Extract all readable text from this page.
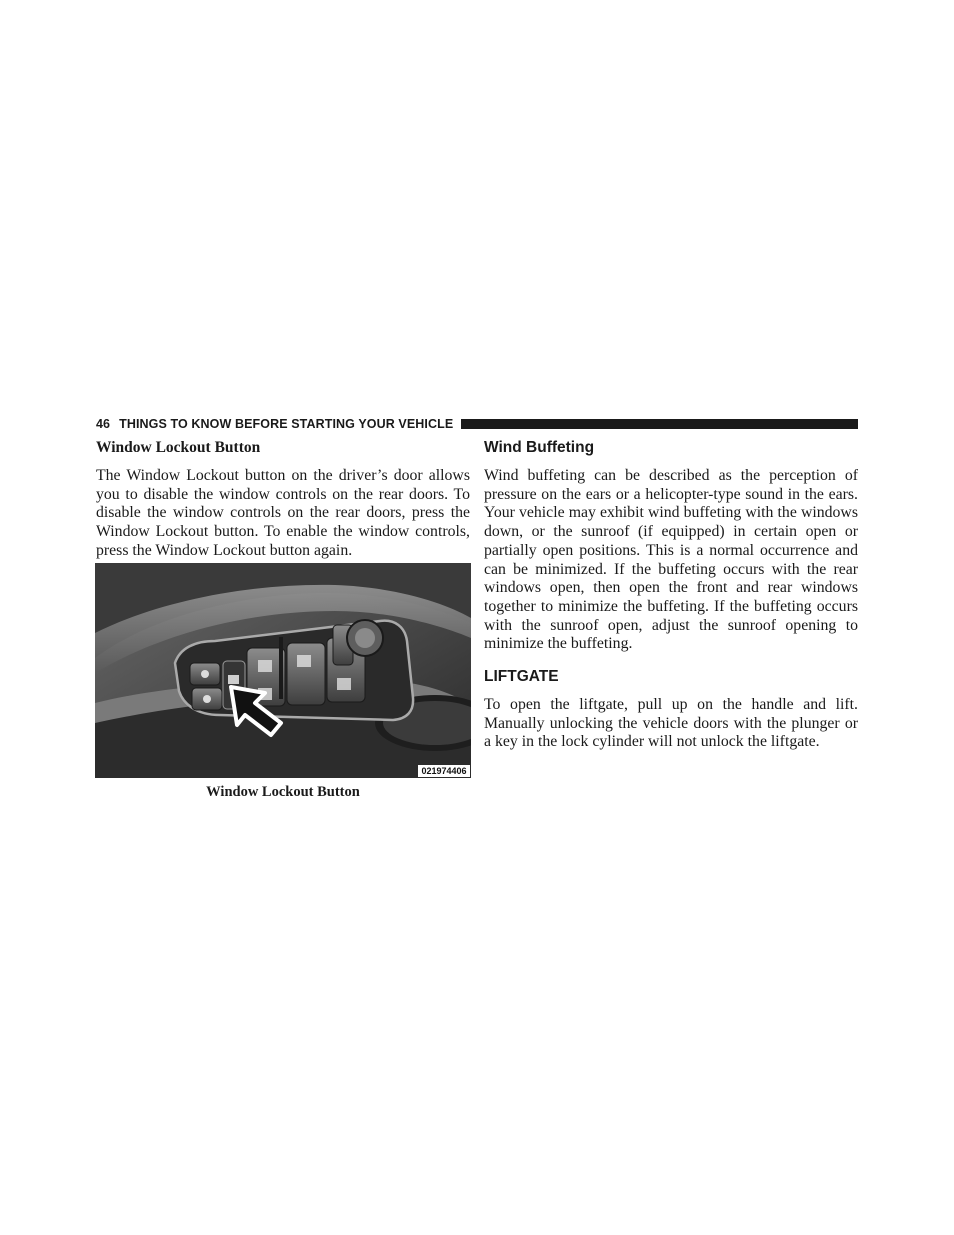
46 THINGS TO KNOW BEFORE STARTING YOUR VEHICLE
Window Lockout Button

The Window Lockout button on the driver’s door allows you to disable the window controls on the rear doors. To disable the window controls on the rear doors, press the Window Lockout button. To enable the window controls, press the Window Lockout button again.

021974406
Window Lockout Button
Wind Buffeting

Wind buffeting can be described as the perception of pressure on the ears or a helicopter-type sound in the ears. Your vehicle may exhibit wind buffeting with the windows down, or the sunroof (if equipped) in certain open or partially open positions. This is a normal occurrence and can be minimized. If the buffeting occurs with the rear windows open, then open the front and rear windows together to minimize the buffeting. If the buffeting occurs with the sunroof open, adjust the sunroof opening to minimize the buffeting.

LIFTGATE

To open the liftgate, pull up on the handle and lift. Manually unlocking the vehicle doors with the plunger or a key in the lock cylinder will not unlock the liftgate.
